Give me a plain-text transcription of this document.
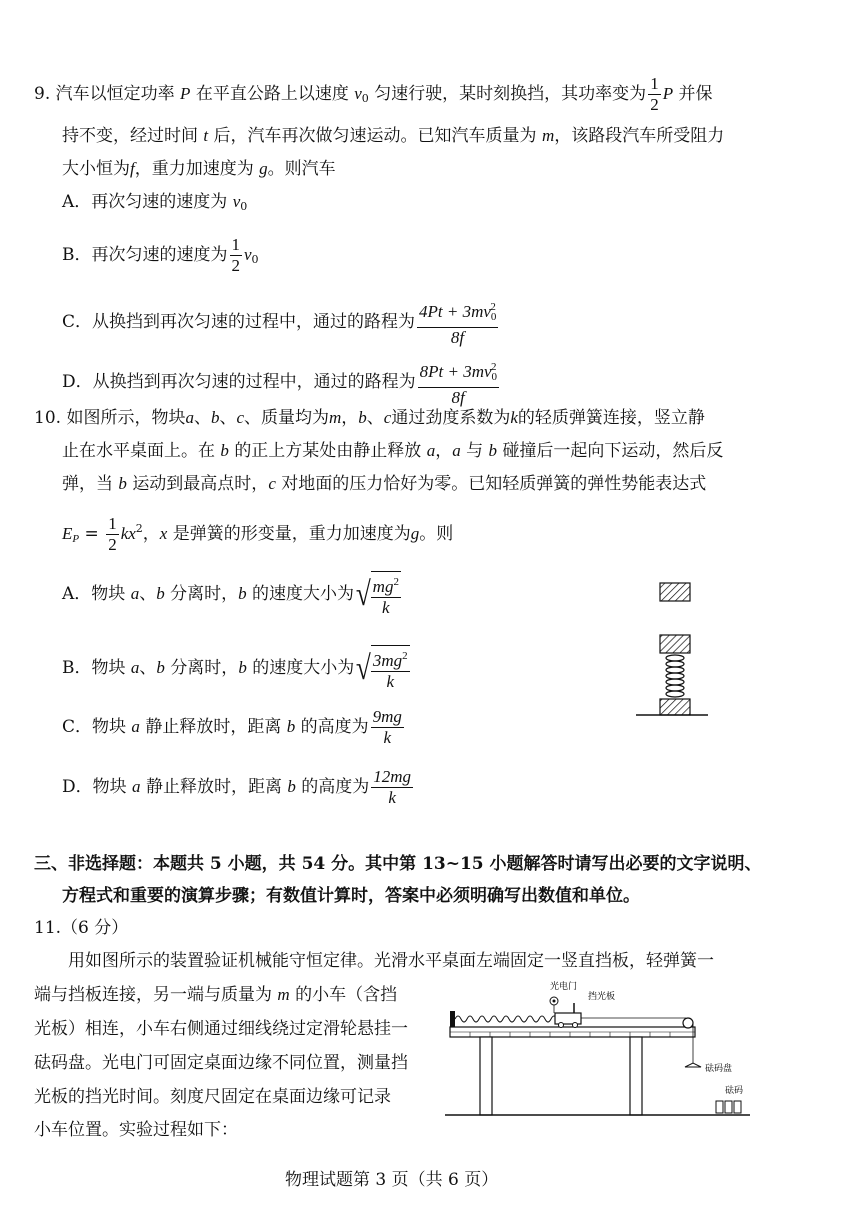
9. 汽车以恒定功率 P 在平直公路上以速度 $v_0$ 匀速行驶，某时刻换挡，其功率变为 $\frac{1}{2}$ P 并保
持不变，经过时间 t 后，汽车再次做匀速运动。已知汽车质量为 m，该路段汽车所受阻力
大小恒为f，重力加速度为 g。则汽车
A．再次匀速的速度为 $v_0$
B．再次匀速的速度为 $\frac{1}{2} v_0$
C．从换挡到再次匀速的过程中，通过的路程为 $\frac{4Pt + 3mv_0^2}{8f}$
D．从换挡到再次匀速的过程中，通过的路程为 $\frac{8Pt + 3mv_0^2}{8f}$
10. 如图所示，物块a、b、c、质量均为m，b、c通过劲度系数为k的轻质弹簧连接，竖立静
止在水平桌面上。在 b 的正上方某处由静止释放 a，a 与 b 碰撞后一起向下运动，然后反
弹，当 b 运动到最高点时，c 对地面的压力恰好为零。已知轻质弹簧的弹性势能表达式
$E_P = \frac{1}{2} kx^2$，x 是弹簧的形变量，重力加速度为g。则
A．物块 a、b 分离时，b 的速度大小为√ $\frac{mg^2}{k}$
B．物块 a、b 分离时，b 的速度大小为√ $\frac{3mg^2}{k}$
C．物块 a 静止释放时，距离 b 的高度为 $\frac{9mg}{k}$
D．物块 a 静止释放时，距离 b 的高度为 $\frac{12mg}{k}$
三、非选择题：本题共 5 小题，共 54 分。其中第 13~15 小题解答时请写出必要的文字说明、
方程式和重要的演算步骤；有数值计算时，答案中必须明确写出数值和单位。
11.（6 分）
用如图所示的装置验证机械能守恒定律。光滑水平桌面左端固定一竖直挡板，轻弹簧一
端与挡板连接，另一端与质量为 m 的小车（含挡
光板）相连，小车右侧通过细线绕过定滑轮悬挂一
砝码盘。光电门可固定桌面边缘不同位置，测量挡
光板的挡光时间。刻度尺固定在桌面边缘可记录
小车位置。实验过程如下：
光电门
挡光板
砝码盘
砝码
物理试题第 3 页（共 6 页）
